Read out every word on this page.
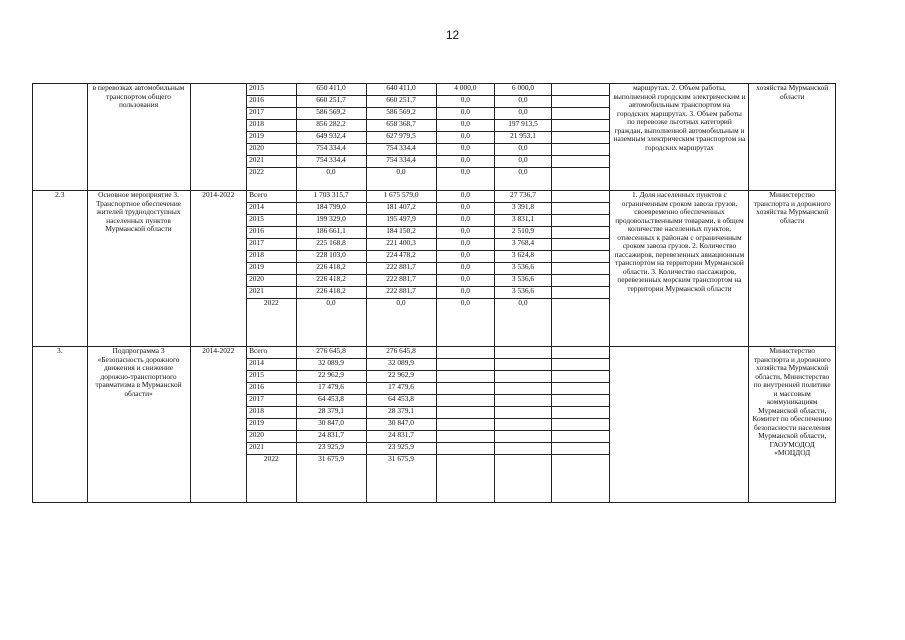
12
	в перевозках автомобильным транспортом общего пользования		2015	650 411,0	640 411,0	4 000,0	6 000,0		маршрутах. 2. Объем работы, выполненной городским электрическим и автомобильным транспортом на городских маршрутах. 3. Объем работы по перевозке льготных категорий граждан, выполненной автомобильным и наземным электрическим транспортом на городских маршрутах	хозяйства Мурманской области
			2016	660 251,7	660 251,7	0,0	0,0			
			2017	586 569,2	586 569,2	0,0	0,0			
			2018	856 282,2	658 368,7	0,0	197 913,5			
			2019	649 932,4	627 979,5	0,0	21 953,1			
			2020	754 334,4	754 334,4	0,0	0,0			
			2021	754 334,4	754 334,4	0,0	0,0			
			2022	0,0	0,0	0,0	0,0			
2.3	Основное мероприятие 3. Транспортное обеспечение жителей труднодоступных населенных пунктов Мурманской области	2014-2022	Всего	1 703 315,7	1 675 579,0	0,0	27 736,7		1. Доля населенных пунктов с ограниченным сроком завоза грузов, своевременно обеспеченных продовольственными товарами, в общем количестве населенных пунктов, отнесенных к районам с ограниченным сроком завоза грузов. 2. Количество пассажиров, перевезенных авиационным транспортом на территории Мурманской области. 3. Количество пассажиров, перевезенных морским транспортом на территории Мурманской области	Министерство транспорта и дорожного хозяйства Мурманской области
			2014	184 799,0	181 407,2	0,0	3 391,8			
			2015	199 329,0	195 497,9	0,0	3 831,1			
			2016	186 661,1	184 150,2	0,0	2 510,9			
			2017	225 168,8	221 400,3	0,0	3 768,4			
			2018	228 103,0	224 478,2	0,0	3 624,8			
			2019	226 418,2	222 881,7	0,0	3 536,6			
			2020	226 418,2	222 881,7	0,0	3 536,6			
			2021	226 418,2	222 881,7	0,0	3 536,6			
			2022	0,0	0,0	0,0	0,0			
3.	Подпрограмма 3 «Безопасность дорожного движения и снижение дорожно-транспортного травматизма в Мурманской области»	2014-2022	Всего	276 645,8	276 645,8					Министерство транспорта и дорожного хозяйства Мурманской области, Министерство по внутренней политике и массовым коммуникациям Мурманской области, Комитет по обеспечению безопасности населения Мурманской области, ГАОУМОДОД «МОЦДОД
			2014	32 089,9	32 089,9					
			2015	22 962,9	22 962,9					
			2016	17 479,6	17 479,6					
			2017	64 453,8	64 453,8					
			2018	28 379,1	28 379,1					
			2019	30 847,0	30 847,0					
			2020	24 831,7	24 831,7					
			2021	23 925,9	23 925,9					
			2022	31 675,9	31 675,9					
